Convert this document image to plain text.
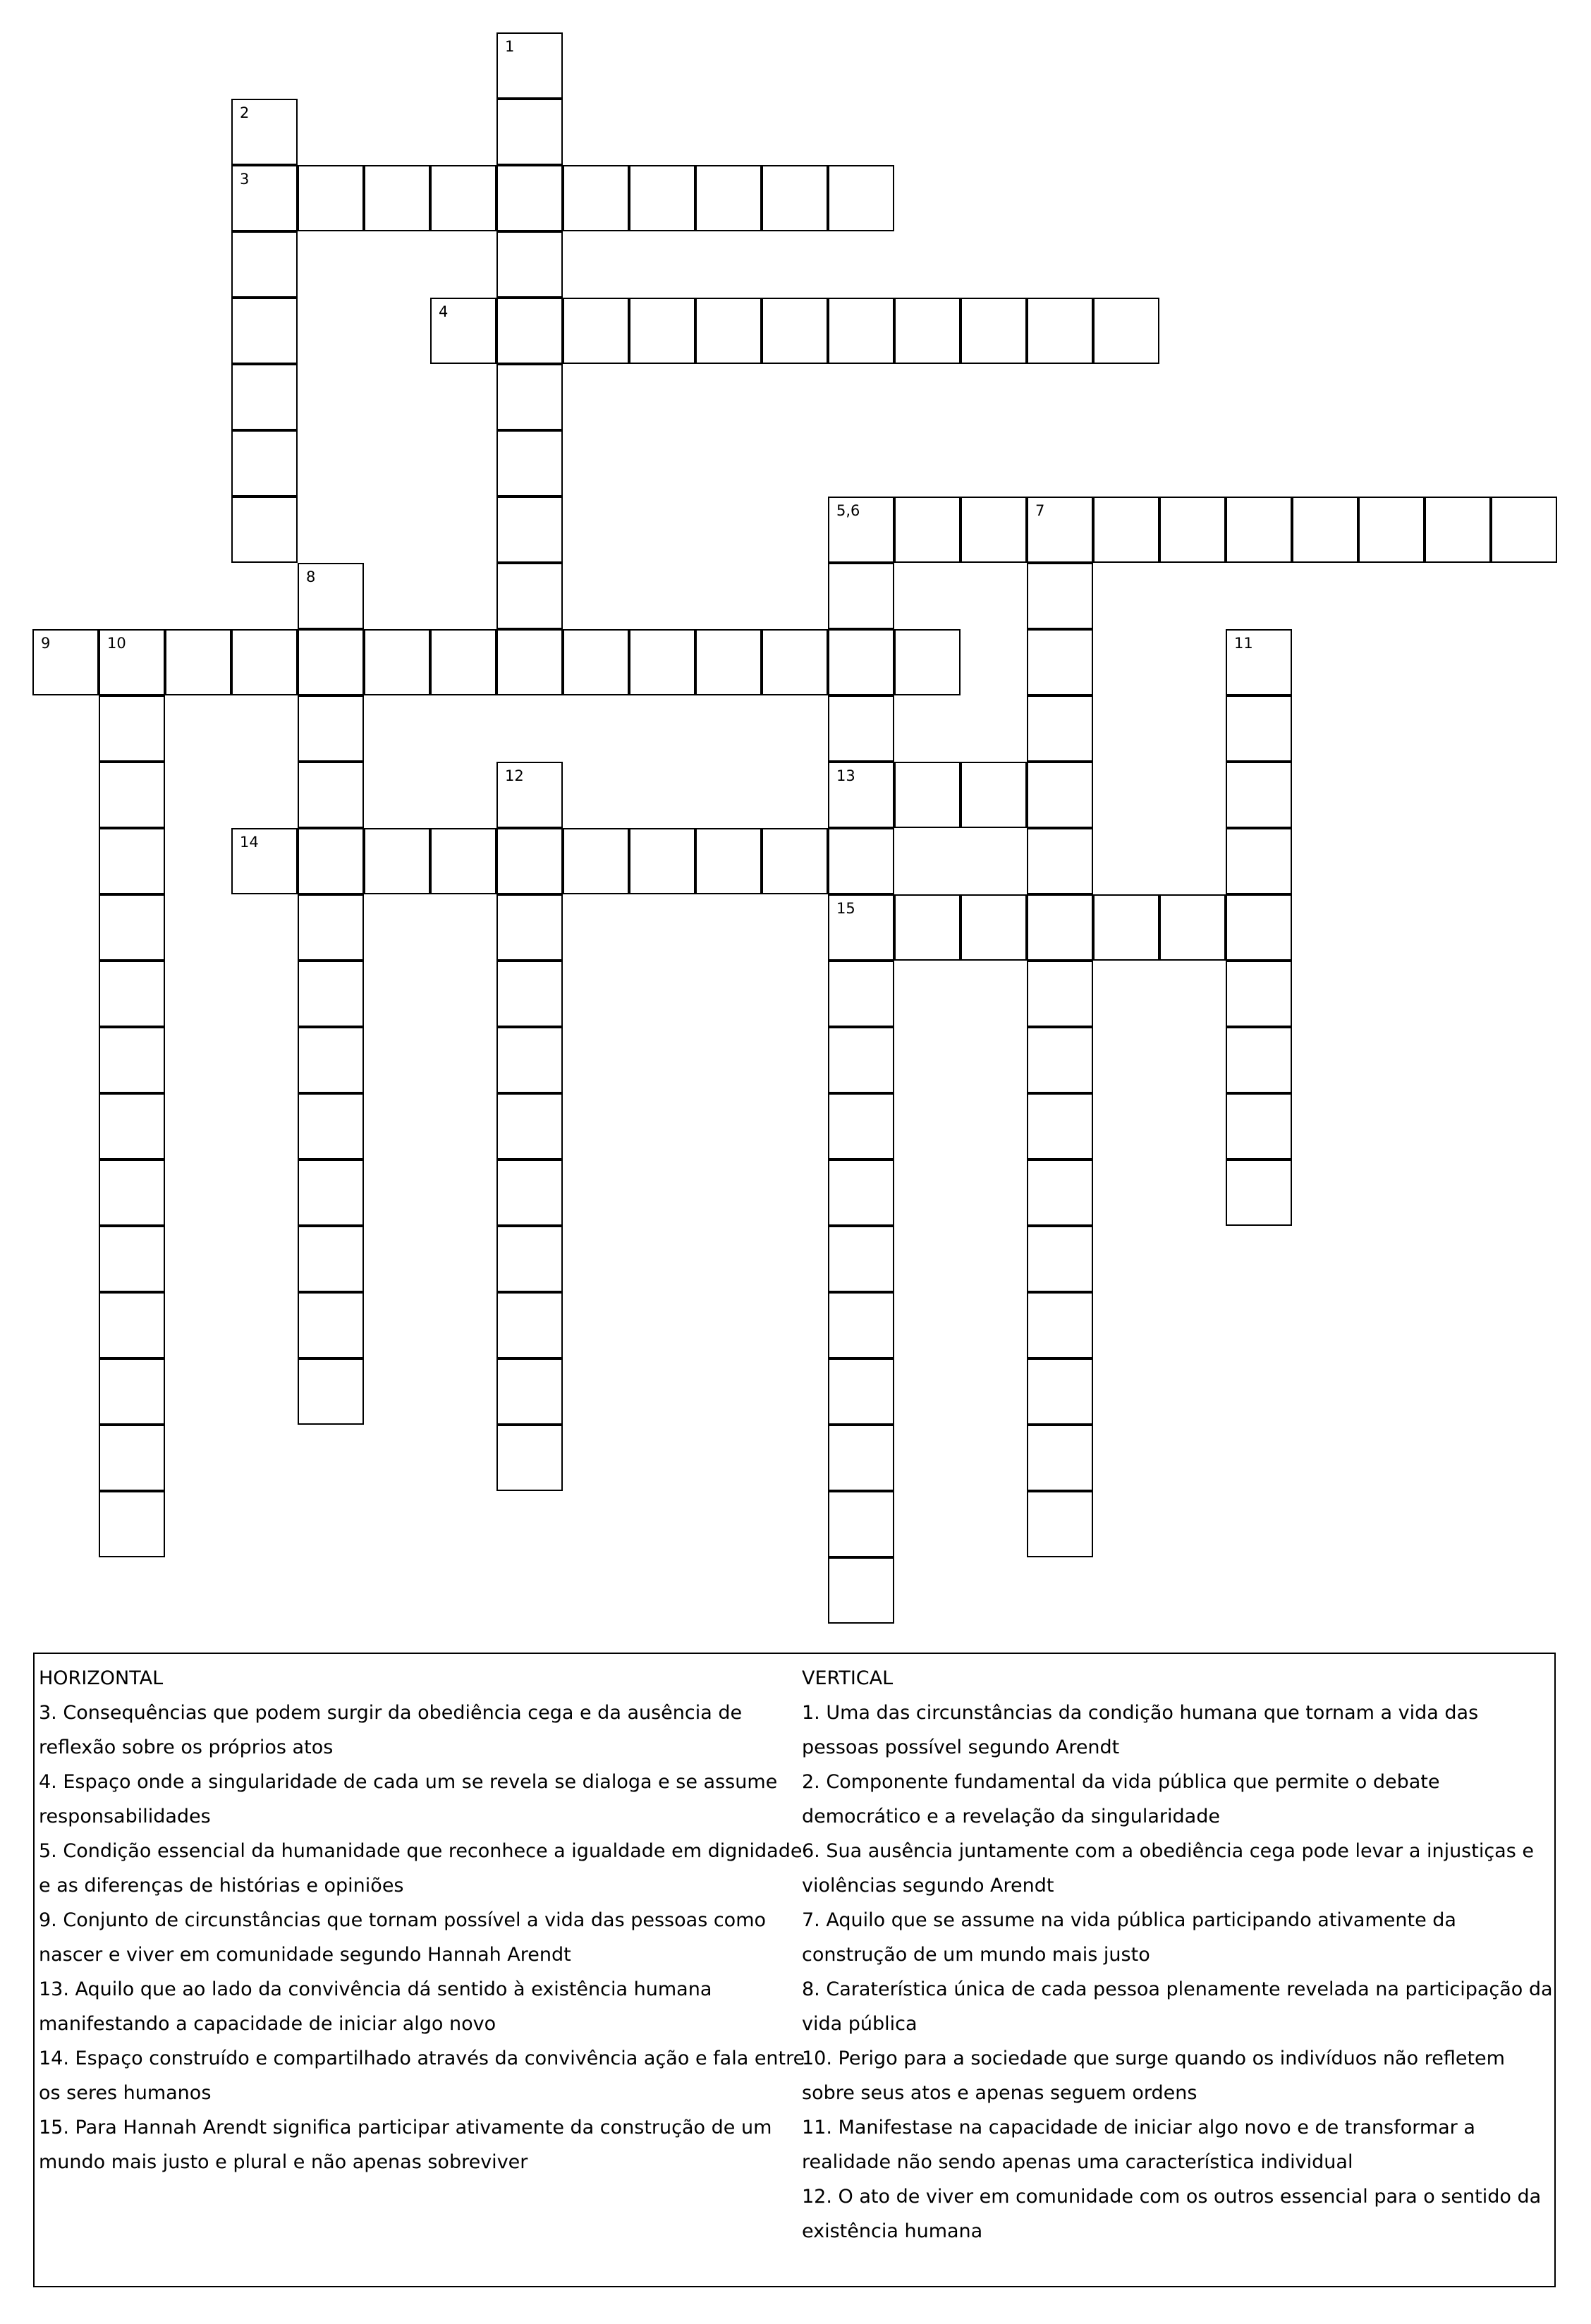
1
2
3
4
5,6	7
13
15
8
9	10	11
12
14
HORIZONTAL
3. Consequências que podem surgir da obediência cega e da ausência de reflexão sobre os próprios atos
4. Espaço onde a singularidade de cada um se revela se dialoga e se assume responsabilidades
5. Condição essencial da humanidade que reconhece a igualdade em dignidade e as diferenças de histórias e opiniões
9. Conjunto de circunstâncias que tornam possível a vida das pessoas como nascer e viver em comunidade segundo Hannah Arendt
13. Aquilo que ao lado da convivência dá sentido à existência humana manifestando a capacidade de iniciar algo novo
14. Espaço construído e compartilhado através da convivência ação e fala entre os seres humanos
15. Para Hannah Arendt significa participar ativamente da construção de um mundo mais justo e plural e não apenas sobreviver
VERTICAL
1. Uma das circunstâncias da condição humana que tornam a vida das pessoas possível segundo Arendt
2. Componente fundamental da vida pública que permite o debate democrático e a revelação da singularidade
6. Sua ausência juntamente com a obediência cega pode levar a injustiças e violências segundo Arendt
7. Aquilo que se assume na vida pública participando ativamente da construção de um mundo mais justo
8. Caraterística única de cada pessoa plenamente revelada na participação da vida pública
10. Perigo para a sociedade que surge quando os indivíduos não refletem sobre seus atos e apenas seguem ordens
11. Manifestase na capacidade de iniciar algo novo e de transformar a realidade não sendo apenas uma característica individual
12. O ato de viver em comunidade com os outros essencial para o sentido da existência humana
